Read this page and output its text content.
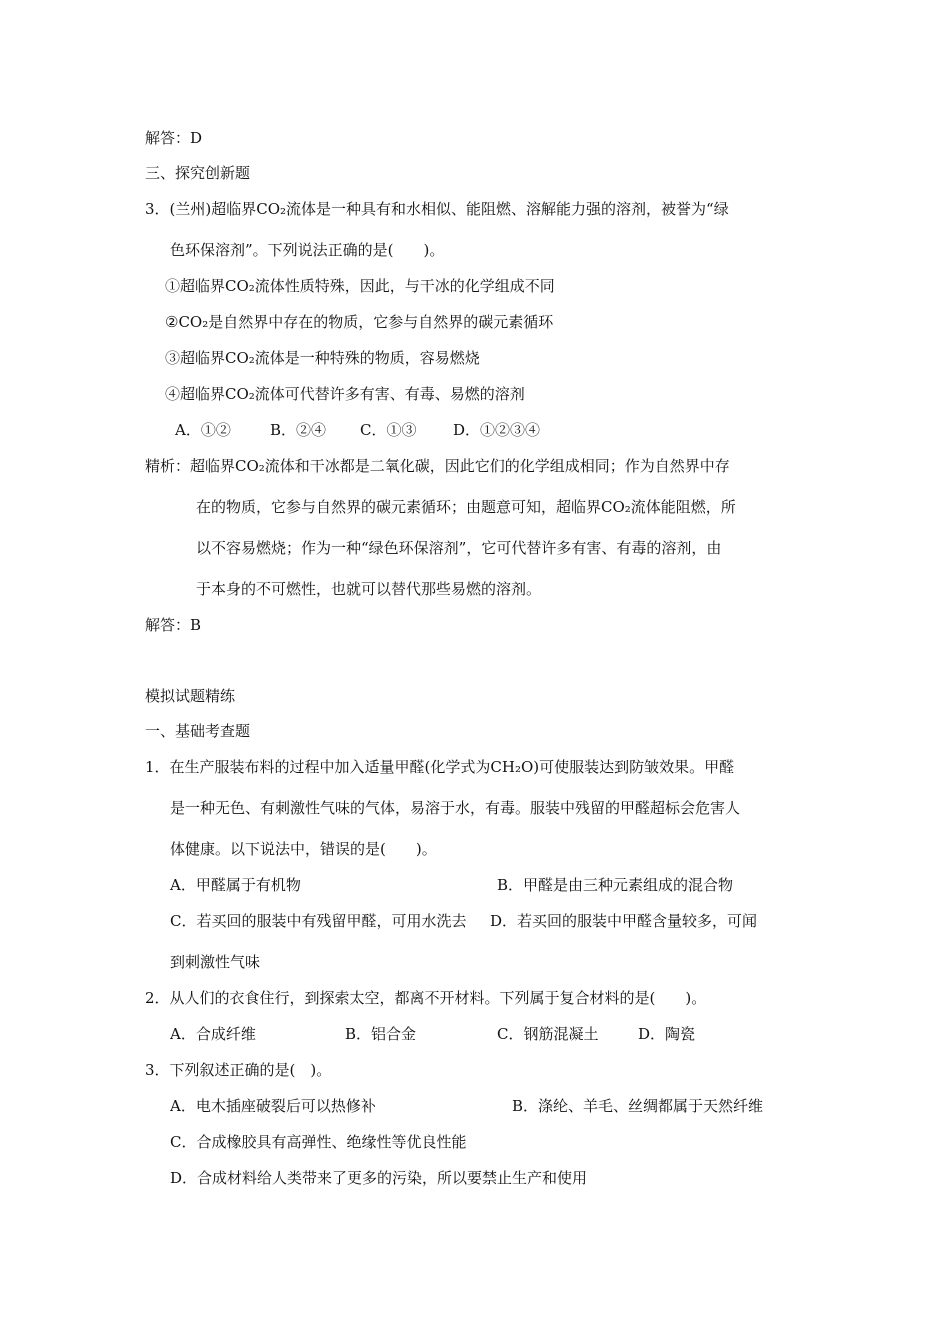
解答：D
三、探究创新题
3．(兰州)超临界CO₂流体是一种具有和水相似、能阻燃、溶解能力强的溶剂，被誉为“绿
色环保溶剂”。下列说法正确的是(　　)。
①超临界CO₂流体性质特殊，因此，与干冰的化学组成不同
②CO₂是自然界中存在的物质，它参与自然界的碳元素循环
③超临界CO₂流体是一种特殊的物质，容易燃烧
④超临界CO₂流体可代替许多有害、有毒、易燃的溶剂
A．①②	B．②④ C．①③ D．①②③④
精析：超临界CO₂流体和干冰都是二氧化碳，因此它们的化学组成相同；作为自然界中存
在的物质，它参与自然界的碳元素循环；由题意可知，超临界CO₂流体能阻燃，所
以不容易燃烧；作为一种“绿色环保溶剂”，它可代替许多有害、有毒的溶剂，由
于本身的不可燃性，也就可以替代那些易燃的溶剂。
解答：B
模拟试题精练
一、基础考查题
1．在生产服装布料的过程中加入适量甲醛(化学式为CH₂O)可使服装达到防皱效果。甲醛
是一种无色、有刺激性气味的气体，易溶于水，有毒。服装中残留的甲醛超标会危害人
体健康。以下说法中，错误的是(　　)。
A．甲醛属于有机物	B．甲醛是由三种元素组成的混合物
C．若买回的服装中有残留甲醛，可用水洗去 D．若买回的服装中甲醛含量较多，可闻
到刺激性气味
2．从人们的衣食住行，到探索太空，都离不开材料。下列属于复合材料的是(　　)。
A．合成纤维	B．铝合金	C．钢筋混凝土	D．陶瓷
3．下列叙述正确的是(　)。
A．电木插座破裂后可以热修补	B．涤纶、羊毛、丝绸都属于天然纤维
C．合成橡胶具有高弹性、绝缘性等优良性能
D．合成材料给人类带来了更多的污染，所以要禁止生产和使用
